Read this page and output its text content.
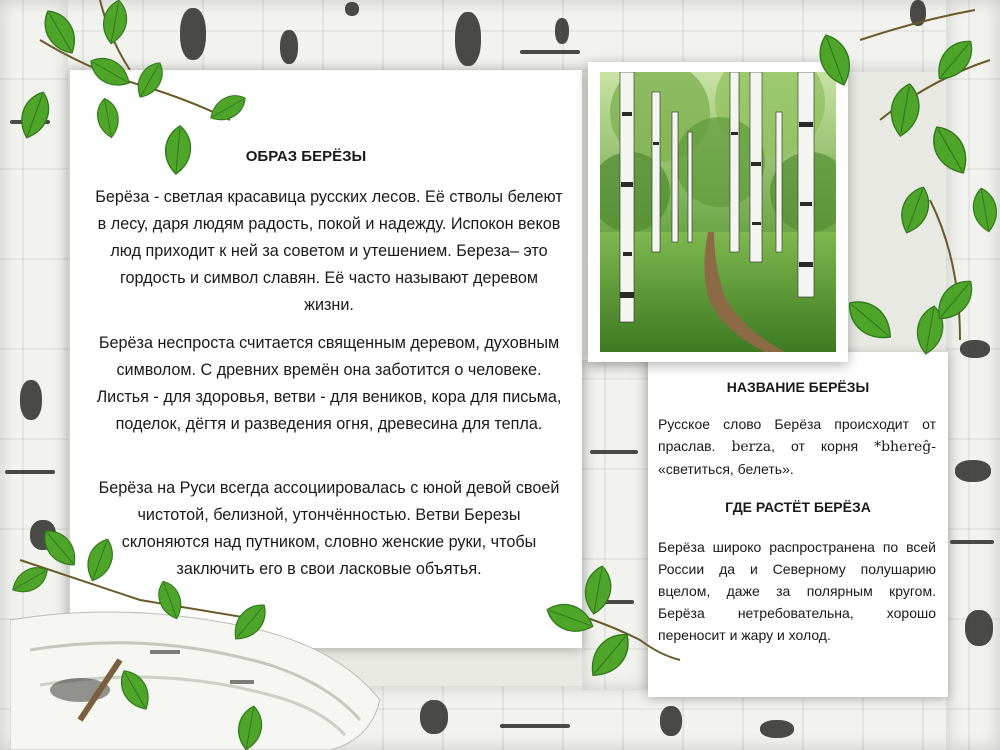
ОБРАЗ БЕРЁЗЫ
Берёза - светлая красавица русских лесов. Её стволы белеют в лесу, даря людям радость, покой и надежду. Испокон веков люд приходит к ней за советом и утешением. Береза– это гордость и символ славян. Её часто называют деревом жизни.
Берёза неспроста считается священным деревом, духовным символом. С древних времён она заботится о человеке. Листья - для здоровья, ветви - для веников, кора для письма, поделок, дёгтя и разведения огня, древесина для тепла.
Берёза на Руси всегда ассоциировалась с юной девой своей чистотой, белизной, утончённостью. Ветви Березы склоняются над путником, словно женские руки, чтобы заключить его в свои ласковые объятья.
НАЗВАНИЕ БЕРЁЗЫ
Русское слово Берёза происходит от праслав. berza, от корня *bhereĝ- «светиться, белеть».
ГДЕ РАСТЁТ БЕРЁЗА
Берёза широко распространена по всей России да и Северному полушарию вцелом, даже за полярным кругом. Берёза нетребовательна, хорошо переносит и жару и холод.
